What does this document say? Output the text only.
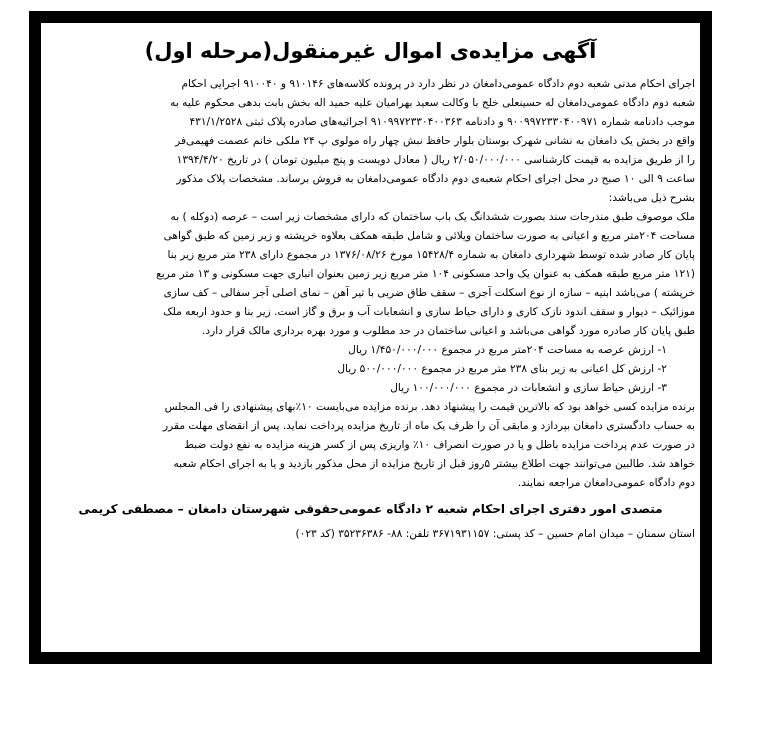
آگهی مزایده‌ی اموال غیرمنقول(مرحله اول)
اجرای احکام مدنی شعبه دوم دادگاه عمومی‌دامغان در نظر دارد در پرونده کلاسه‌های ۹۱۰۱۴۶ و ۹۱۰۰۴۰ اجرایی احکام
شعبه دوم دادگاه عمومی‌دامغان له حسینعلی خلج با وکالت سعید بهرامیان علیه حمید اله بخش بابت بدهی محکوم علیه به
موجب دادنامه شماره ۹۰۰۹۹۷۲۳۳۰۴۰۰۹۷۱ و دادنامه ۹۱۰۹۹۷۲۳۳۰۴۰۰۳۶۳ اجرائیه‌های صادره پلاک ثبتی ۴۳۱/۱/۲۵۲۸
واقع در بخش یک دامغان به نشانی شهرک بوستان بلوار حافظ نبش چهار راه مولوی پ ۲۴ ملکی خانم عصمت فهیمی‌فر
را از طریق مزایده به قیمت کارشناسی ۲/۰۵۰/۰۰۰/۰۰۰ ریال ( معادل دویست و پنج میلیون تومان ) در تاریخ ۱۳۹۴/۴/۲۰
ساعت ۹ الی ۱۰ صبح در محل اجرای احکام شعبه‌ی دوم دادگاه عمومی‌دامغان به فروش برساند. مشخصات پلاک مذکور
بشرح ذیل می‌باشد:
ملک موصوف طبق مندرجات سند بصورت ششدانگ یک باب ساختمان که دارای مشخصات زیر است – عرصه (دوکله ) به
مساحت ۲۰۴متر مربع و اعیانی به صورت ساختمان ویلائی و شامل طبقه همکف بعلاوه خرپشته و زیر زمین که طبق گواهی
پایان کار صادر شده توسط شهرداری دامغان به شماره ۱۵۴۲۸/۴ مورخ ۱۳۷۶/۰۸/۲۶ در مجموع دارای ۲۳۸ متر مربع زیر بنا
(۱۲۱ متر مربع طبقه همکف به عنوان یک واحد مسکونی ۱۰۴ متر مربع زیر زمین بعنوان انباری جهت مسکونی و ۱۳ متر مربع
خرپشته ) می‌باشد ابنیه – سازه از نوع اسکلت آجری – سقف طاق ضربی با تیر آهن – نمای اصلی آجر سفالی – کف سازی
موزائیک – دیوار و سقف اندود نازک کاری و دارای حیاط سازی و انشعابات آب و برق و گاز است. زیر بنا و حدود اربعه ملک
طبق پایان کار صادره مورد گواهی می‌باشد و اعیانی ساختمان در حد مطلوب و مورد بهره برداری مالک قرار دارد.
۱- ارزش عرصه به مساحت ۲۰۴متر مربع در مجموع ۱/۴۵۰/۰۰۰/۰۰۰ ریال
۲- ارزش کل اعیانی به زیر بنای ۲۳۸ متر مربع در مجموع ۵۰۰/۰۰۰/۰۰۰ ریال
۳- ارزش حیاط سازی و انشعابات در مجموع ۱۰۰/۰۰۰/۰۰۰ ریال
برنده مزایده کسی خواهد بود که بالاترین قیمت را پیشنهاد دهد. برنده مزایده می‌بایست ۱۰٪بهای پیشنهادی را فی المجلس
به حساب دادگستری دامغان بپردازد و مابقی آن را ظرف یک ماه از تاریخ مزایده پرداخت نماید. پس از انقضای مهلت مقرر
در صورت عدم پرداخت مزایده باطل و یا در صورت انصراف ۱۰٪ واریزی پس از کسر هزینه مزایده به نفع دولت ضبط
خواهد شد. طالبین می‌توانند جهت اطلاع بیشتر ۵روز قبل از تاریخ مزایده از محل مذکور بازدید و یا به اجرای احکام شعبه
دوم دادگاه عمومی‌دامغان مراجعه نمایند.
متصدی امور دفتری اجرای احکام شعبه ۲ دادگاه عمومی‌حقوقی شهرستان دامغان – مصطفی کریمی
استان سمنان – میدان امام حسین – کد پستی: ۳۶۷۱۹۳۱۱۵۷ تلفن: ۸۸- ۳۵۲۳۶۳۸۶ (کد ۰۲۳)
